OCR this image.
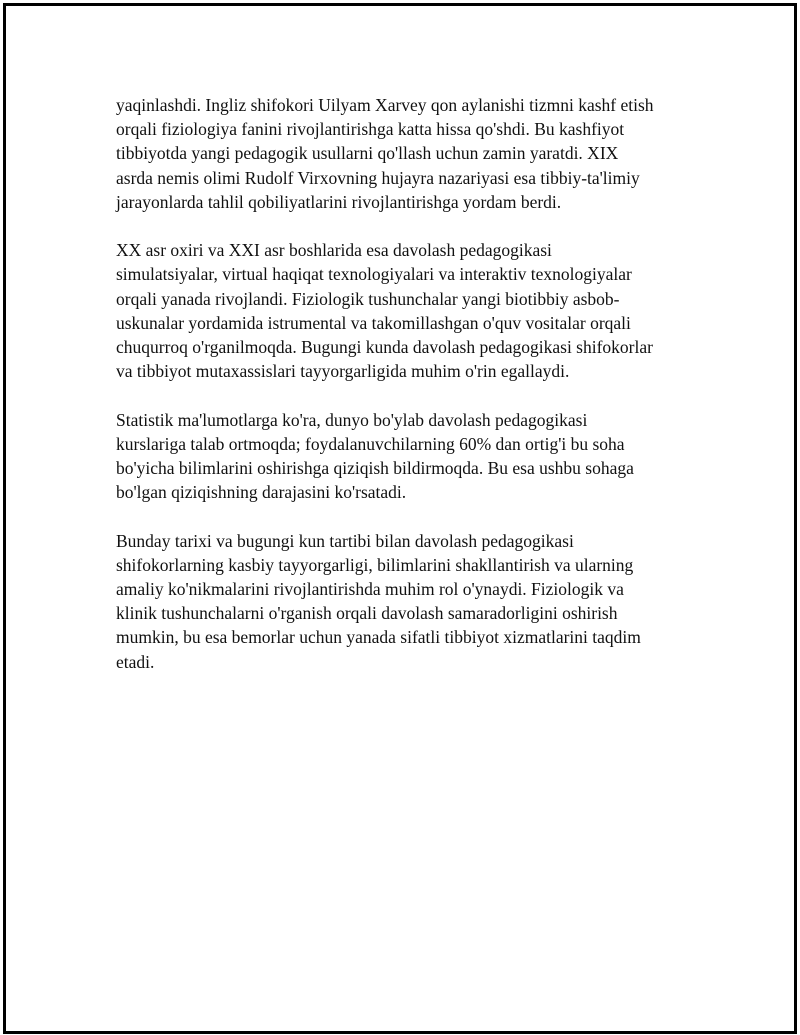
yaqinlashdi. Ingliz shifokori Uilyam Xarvey qon aylanishi tizmni kashf etish
orqali fiziologiya fanini rivojlantirishga katta hissa qo'shdi. Bu kashfiyot
tibbiyotda yangi pedagogik usullarni qo'llash uchun zamin yaratdi. XIX
asrda nemis olimi Rudolf Virxovning hujayra nazariyasi esa tibbiy-ta'limiy
jarayonlarda tahlil qobiliyatlarini rivojlantirishga yordam berdi.

XX asr oxiri va XXI asr boshlarida esa davolash pedagogikasi
simulatsiyalar, virtual haqiqat texnologiyalari va interaktiv texnologiyalar
orqali yanada rivojlandi. Fiziologik tushunchalar yangi biotibbiy asbob-
uskunalar yordamida istrumental va takomillashgan o'quv vositalar orqali
chuqurroq o'rganilmoqda. Bugungi kunda davolash pedagogikasi shifokorlar
va tibbiyot mutaxassislari tayyorgarligida muhim o'rin egallaydi.

Statistik ma'lumotlarga ko'ra, dunyo bo'ylab davolash pedagogikasi
kurslariga talab ortmoqda; foydalanuvchilarning 60% dan ortig'i bu soha
bo'yicha bilimlarini oshirishga qiziqish bildirmoqda. Bu esa ushbu sohaga
bo'lgan qiziqishning darajasini ko'rsatadi.

Bunday tarixi va bugungi kun tartibi bilan davolash pedagogikasi
shifokorlarning kasbiy tayyorgarligi, bilimlarini shakllantirish va ularning
amaliy ko'nikmalarini rivojlantirishda muhim rol o'ynaydi. Fiziologik va
klinik tushunchalarni o'rganish orqali davolash samaradorligini oshirish
mumkin, bu esa bemorlar uchun yanada sifatli tibbiyot xizmatlarini taqdim
etadi.
